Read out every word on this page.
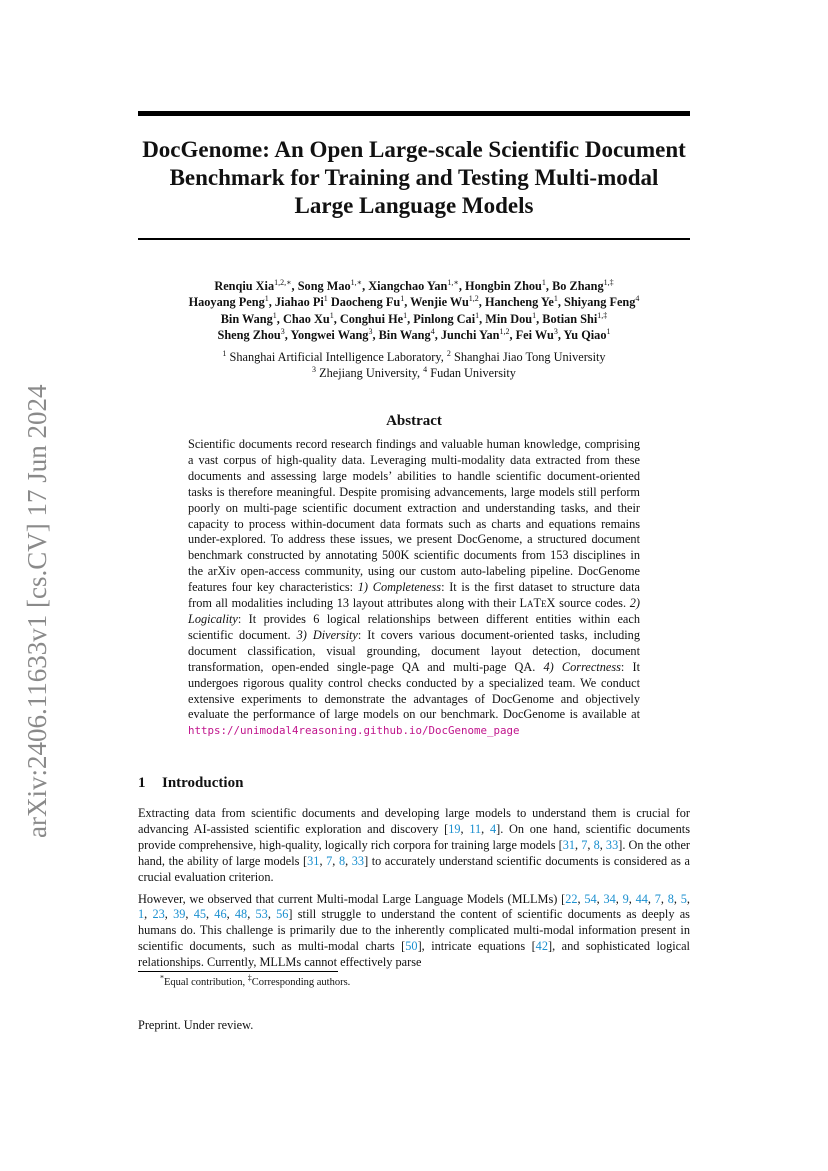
arXiv:2406.11633v1 [cs.CV] 17 Jun 2024
DocGenome: An Open Large-scale Scientific Document Benchmark for Training and Testing Multi-modal Large Language Models
Renqiu Xia$^{1,2,∗}$, Song Mao$^{1,∗}$, Xiangchao Yan$^{1,∗}$, Hongbin Zhou$^1$, Bo Zhang$^{1,\ddagger}$
Haoyang Peng$^1$, Jiahao Pi$^1$ Daocheng Fu$^1$, Wenjie Wu$^{1,2}$, Hancheng Ye$^1$, Shiyang Feng$^4$
Bin Wang$^1$, Chao Xu$^1$, Conghui He$^1$, Pinlong Cai$^1$, Min Dou$^1$, Botian Shi$^{1,\ddagger}$
Sheng Zhou$^3$, Yongwei Wang$^3$, Bin Wang$^4$, Junchi Yan$^{1,2}$, Fei Wu$^3$, Yu Qiao$^1$
$^1$ Shanghai Artificial Intelligence Laboratory, $^2$ Shanghai Jiao Tong University
$^3$ Zhejiang University, $^4$ Fudan University
Abstract

Scientific documents record research findings and valuable human knowledge, comprising a vast corpus of high-quality data. Leveraging multi-modality data extracted from these documents and assessing large models’ abilities to handle scientific document-oriented tasks is therefore meaningful. Despite promising advancements, large models still perform poorly on multi-page scientific document extraction and understanding tasks, and their capacity to process within-document data formats such as charts and equations remains under-explored. To address these issues, we present DocGenome, a structured document benchmark constructed by annotating 500K scientific documents from 153 disciplines in the arXiv open-access community, using our custom auto-labeling pipeline. DocGenome features four key characteristics: 1) Completeness: It is the first dataset to structure data from all modalities including 13 layout attributes along with their LaTeX source codes. 2) Logicality: It provides 6 logical relationships between different entities within each scientific document. 3) Diversity: It covers various document-oriented tasks, including document classification, visual grounding, document layout detection, document transformation, open-ended single-page QA and multi-page QA. 4) Correctness: It undergoes rigorous quality control checks conducted by a specialized team. We conduct extensive experiments to demonstrate the advantages of DocGenome and objectively evaluate the performance of large models on our benchmark. DocGenome is available at https://unimodal4reasoning.github.io/DocGenome_page

1 Introduction

Extracting data from scientific documents and developing large models to understand them is crucial for advancing AI-assisted scientific exploration and discovery [19, 11, 4]. On one hand, scientific documents provide comprehensive, high-quality, logically rich corpora for training large models [31, 7, 8, 33]. On the other hand, the ability of large models [31, 7, 8, 33] to accurately understand scientific documents is considered as a crucial evaluation criterion.

However, we observed that current Multi-modal Large Language Models (MLLMs) [22, 54, 34, 9, 44, 7, 8, 5, 1, 23, 39, 45, 46, 48, 53, 56] still struggle to understand the content of scientific documents as deeply as humans do. This challenge is primarily due to the inherently complicated multi-modal information present in scientific documents, such as multi-modal charts [50], intricate equations [42], and sophisticated logical relationships. Currently, MLLMs cannot effectively parse

*Equal contribution, ‡Corresponding authors.
Preprint. Under review.
